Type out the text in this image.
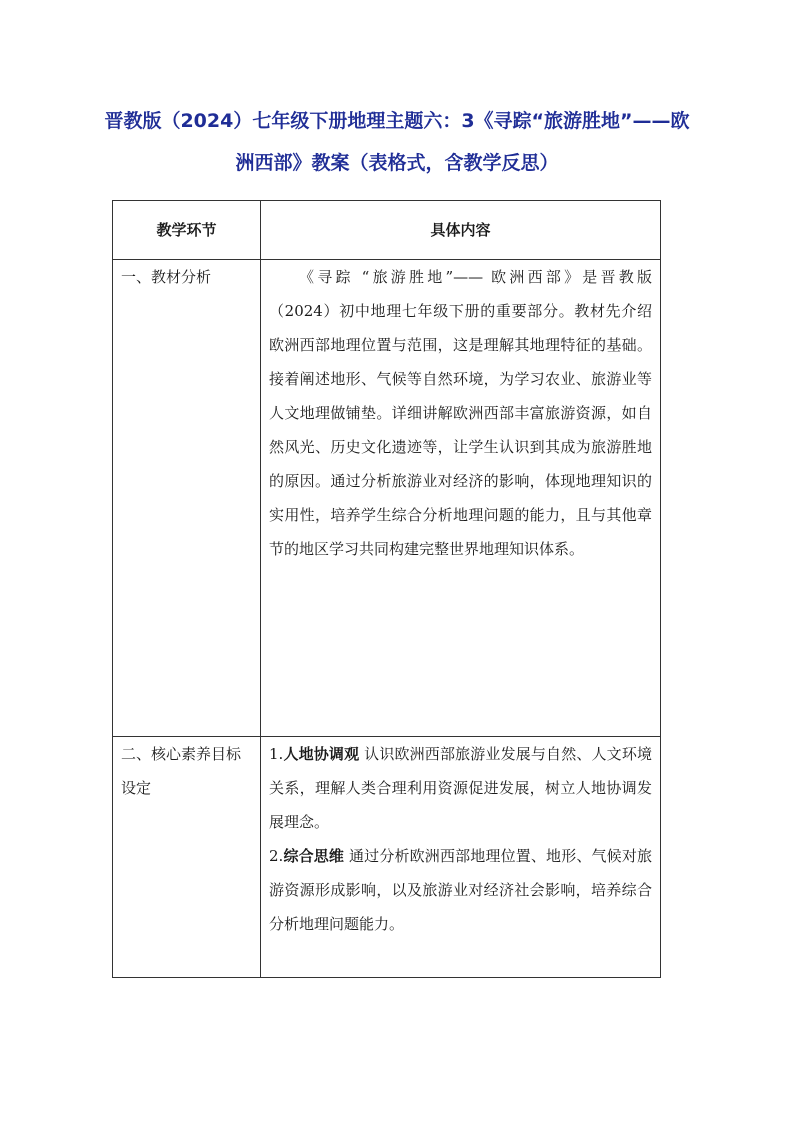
晋教版（2024）七年级下册地理主题六：3《寻踪“旅游胜地”——欧洲西部》教案（表格式，含教学反思）
教学环节	具体内容
一、教材分析	《寻踪 “旅游胜地”—— 欧洲西部》是晋教版（2024）初中地理七年级下册的重要部分。教材先介绍欧洲西部地理位置与范围，这是理解其地理特征的基础。接着阐述地形、气候等自然环境，为学习农业、旅游业等人文地理做铺垫。详细讲解欧洲西部丰富旅游资源，如自然风光、历史文化遗迹等，让学生认识到其成为旅游胜地的原因。通过分析旅游业对经济的影响，体现地理知识的实用性，培养学生综合分析地理问题的能力，且与其他章节的地区学习共同构建完整世界地理知识体系。

二、核心素养目标设定	1.人地协调观 认识欧洲西部旅游业发展与自然、人文环境关系，理解人类合理利用资源促进发展，树立人地协调发展理念。

2.综合思维 通过分析欧洲西部地理位置、地形、气候对旅游资源形成影响，以及旅游业对经济社会影响，培养综合分析地理问题能力。
